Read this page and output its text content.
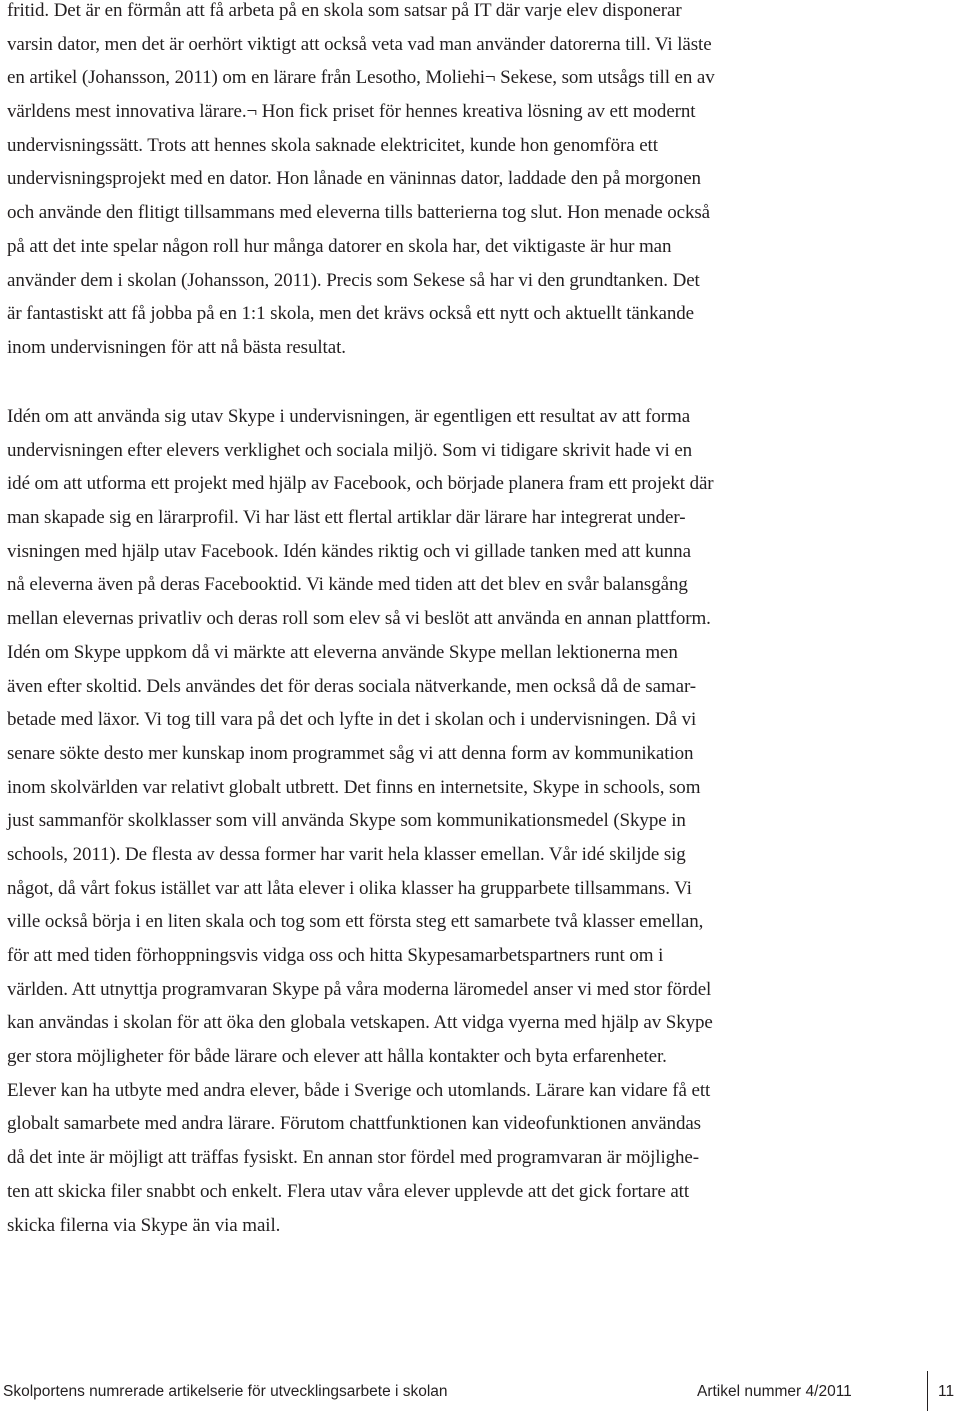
fritid. Det är en förmån att få arbeta på en skola som satsar på IT där varje elev disponerar
varsin dator, men det är oerhört viktigt att också veta vad man använder datorerna till. Vi läste
en artikel (Johansson, 2011) om en lärare från Lesotho, Moliehi¬ Sekese, som utsågs till en av
världens mest innovativa lärare.¬ Hon fick priset för hennes kreativa lösning av ett modernt
undervisningssätt. Trots att hennes skola saknade elektricitet, kunde hon genomföra ett
undervisningsprojekt med en dator. Hon lånade en väninnas dator, laddade den på morgonen
och använde den flitigt tillsammans med eleverna tills batterierna tog slut. Hon menade också
på att det inte spelar någon roll hur många datorer en skola har, det viktigaste är hur man
använder dem i skolan (Johansson, 2011). Precis som Sekese så har vi den grundtanken. Det
är fantastiskt att få jobba på en 1:1 skola, men det krävs också ett nytt och aktuellt tänkande
inom undervisningen för att nå bästa resultat.
Idén om att använda sig utav Skype i undervisningen, är egentligen ett resultat av att forma
undervisningen efter elevers verklighet och sociala miljö. Som vi tidigare skrivit hade vi en
idé om att utforma ett projekt med hjälp av Facebook, och började planera fram ett projekt där
man skapade sig en lärarprofil. Vi har läst ett flertal artiklar där lärare har integrerat under-
visningen med hjälp utav Facebook. Idén kändes riktig och vi gillade tanken med att kunna
nå eleverna även på deras Facebooktid. Vi kände med tiden att det blev en svår balansgång
mellan elevernas privatliv och deras roll som elev så vi beslöt att använda en annan plattform.
Idén om Skype uppkom då vi märkte att eleverna använde Skype mellan lektionerna men
även efter skoltid. Dels användes det för deras sociala nätverkande, men också då de samar-
betade med läxor. Vi tog till vara på det och lyfte in det i skolan och i undervisningen. Då vi
senare sökte desto mer kunskap inom programmet såg vi att denna form av kommunikation
inom skolvärlden var relativt globalt utbrett. Det finns en internetsite, Skype in schools, som
just sammanför skolklasser som vill använda Skype som kommunikationsmedel (Skype in
schools, 2011). De flesta av dessa former har varit hela klasser emellan. Vår idé skiljde sig
något, då vårt fokus istället var att låta elever i olika klasser ha grupparbete tillsammans. Vi
ville också börja i en liten skala och tog som ett första steg ett samarbete två klasser emellan,
för att med tiden förhoppningsvis vidga oss och hitta Skypesamarbetspartners runt om i
världen. Att utnyttja programvaran Skype på våra moderna läromedel anser vi med stor fördel
kan användas i skolan för att öka den globala vetskapen. Att vidga vyerna med hjälp av Skype
ger stora möjligheter för både lärare och elever att hålla kontakter och byta erfarenheter.
Elever kan ha utbyte med andra elever, både i Sverige och utomlands. Lärare kan vidare få ett
globalt samarbete med andra lärare. Förutom chattfunktionen kan videofunktionen användas
då det inte är möjligt att träffas fysiskt. En annan stor fördel med programvaran är möjlighe-
ten att skicka filer snabbt och enkelt. Flera utav våra elever upplevde att det gick fortare att
skicka filerna via Skype än via mail.
Skolportens numrerade artikelserie för utvecklingsarbete i skolan	Artikel nummer 4/2011	11
